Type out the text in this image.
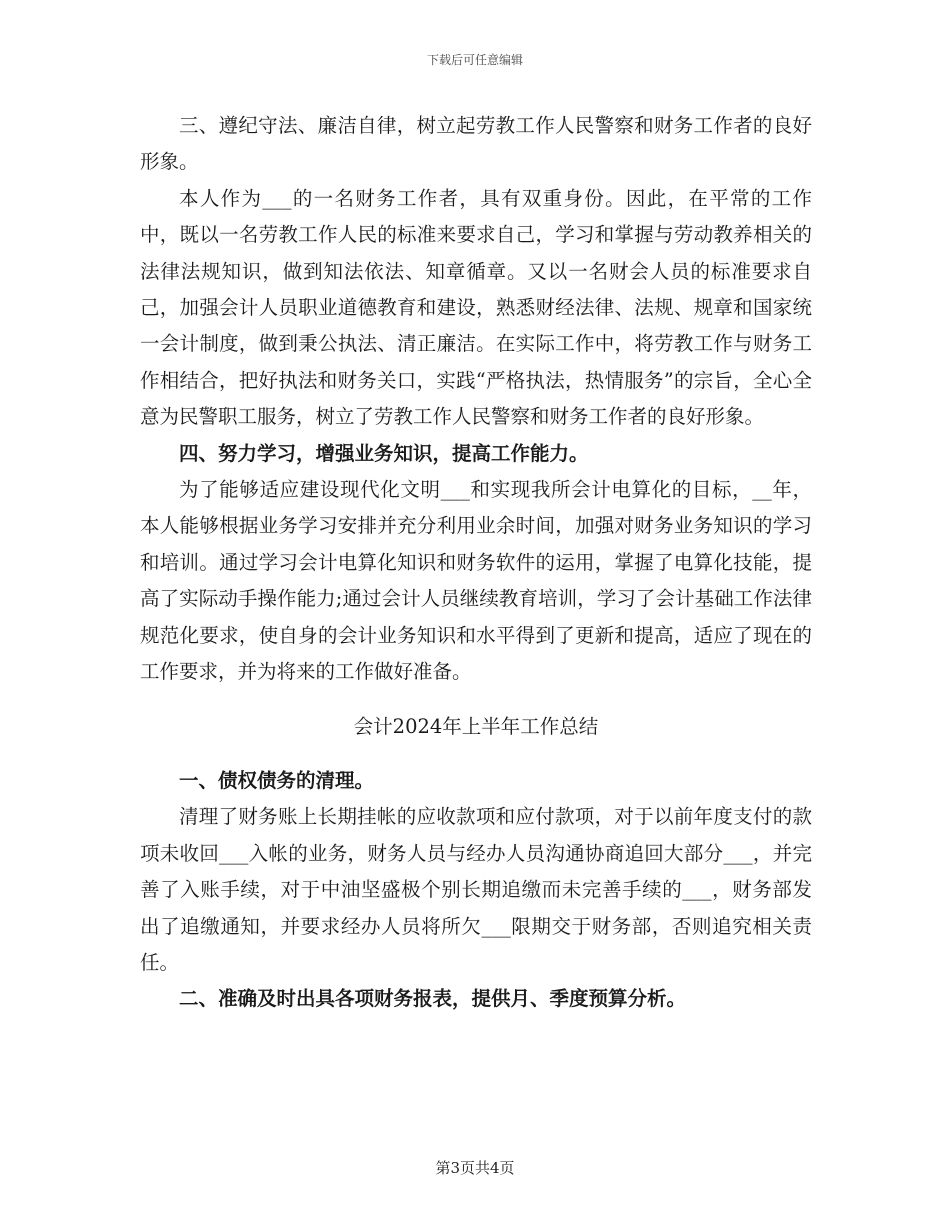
下载后可任意编辑

三、遵纪守法、廉洁自律，树立起劳教工作人民警察和财务工作者的良好形象。

本人作为___的一名财务工作者，具有双重身份。因此，在平常的工作中，既以一名劳教工作人民的标准来要求自己，学习和掌握与劳动教养相关的法律法规知识，做到知法依法、知章循章。又以一名财会人员的标准要求自己，加强会计人员职业道德教育和建设，熟悉财经法律、法规、规章和国家统一会计制度，做到秉公执法、清正廉洁。在实际工作中，将劳教工作与财务工作相结合，把好执法和财务关口，实践“严格执法，热情服务”的宗旨，全心全意为民警职工服务，树立了劳教工作人民警察和财务工作者的良好形象。

四、努力学习，增强业务知识，提高工作能力。

为了能够适应建设现代化文明___和实现我所会计电算化的目标，__年，本人能够根据业务学习安排并充分利用业余时间，加强对财务业务知识的学习和培训。通过学习会计电算化知识和财务软件的运用，掌握了电算化技能，提高了实际动手操作能力;通过会计人员继续教育培训，学习了会计基础工作法律规范化要求，使自身的会计业务知识和水平得到了更新和提高，适应了现在的工作要求，并为将来的工作做好准备。

会计2024年上半年工作总结

一、债权债务的清理。

清理了财务账上长期挂帐的应收款项和应付款项，对于以前年度支付的款项未收回___入帐的业务，财务人员与经办人员沟通协商追回大部分___，并完善了入账手续，对于中油坚盛极个别长期追缴而未完善手续的___，财务部发出了追缴通知，并要求经办人员将所欠___限期交于财务部，否则追究相关责任。

二、准确及时出具各项财务报表，提供月、季度预算分析。

第3页共4页
